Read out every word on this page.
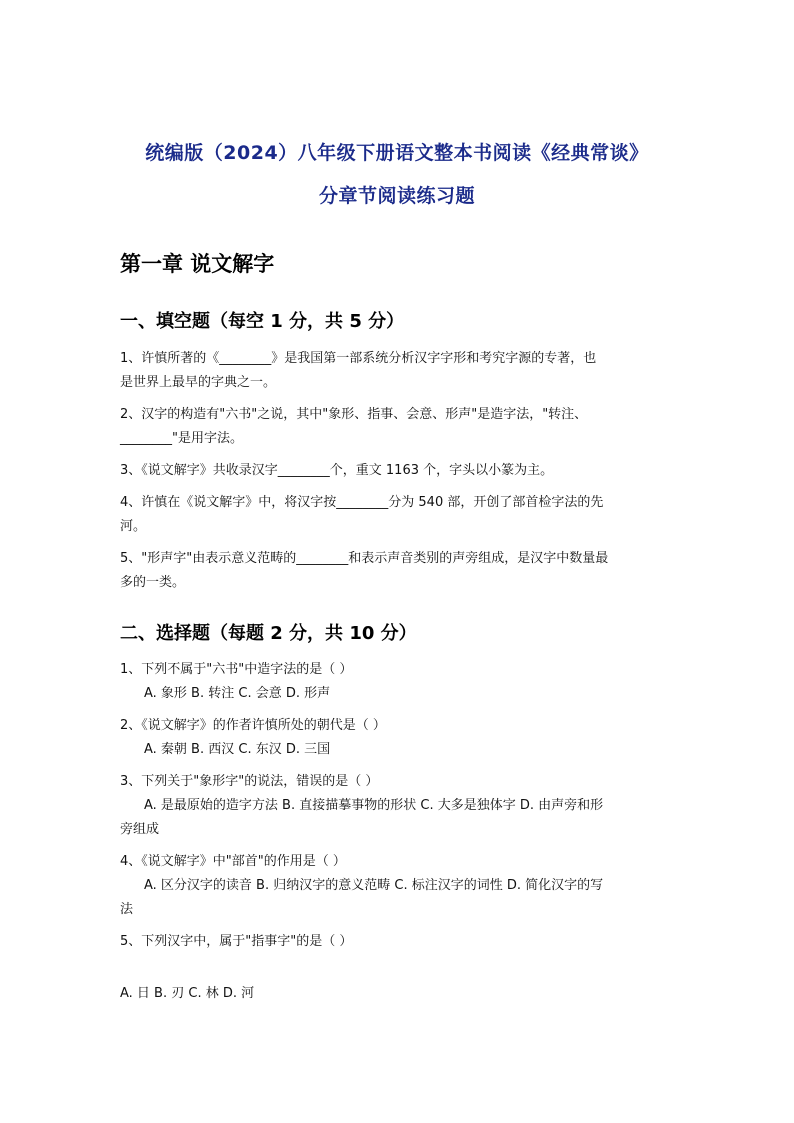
统编版（2024）八年级下册语文整本书阅读《经典常谈》
分章节阅读练习题
第一章 说文解字
一、填空题（每空 1 分，共 5 分）
1、许慎所著的《________》是我国第一部系统分析汉字字形和考究字源的专著，也
是世界上最早的字典之一。
2、汉字的构造有"六书"之说，其中"象形、指事、会意、形声"是造字法，"转注、
________"是用字法。
3、《说文解字》共收录汉字________个，重文 1163 个，字头以小篆为主。
4、许慎在《说文解字》中，将汉字按________分为 540 部，开创了部首检字法的先
河。
5、"形声字"由表示意义范畴的________和表示声音类别的声旁组成，是汉字中数量最
多的一类。
二、选择题（每题 2 分，共 10 分）
1、下列不属于"六书"中造字法的是（ ）
A. 象形 B. 转注 C. 会意 D. 形声
2、《说文解字》的作者许慎所处的朝代是（ ）
A. 秦朝 B. 西汉 C. 东汉 D. 三国
3、下列关于"象形字"的说法，错误的是（ ）
A. 是最原始的造字方法 B. 直接描摹事物的形状 C. 大多是独体字 D. 由声旁和形
旁组成
4、《说文解字》中"部首"的作用是（ ）
A. 区分汉字的读音 B. 归纳汉字的意义范畴 C. 标注汉字的词性 D. 简化汉字的写
法
5、下列汉字中，属于"指事字"的是（ ）
A. 日 B. 刃 C. 林 D. 河
